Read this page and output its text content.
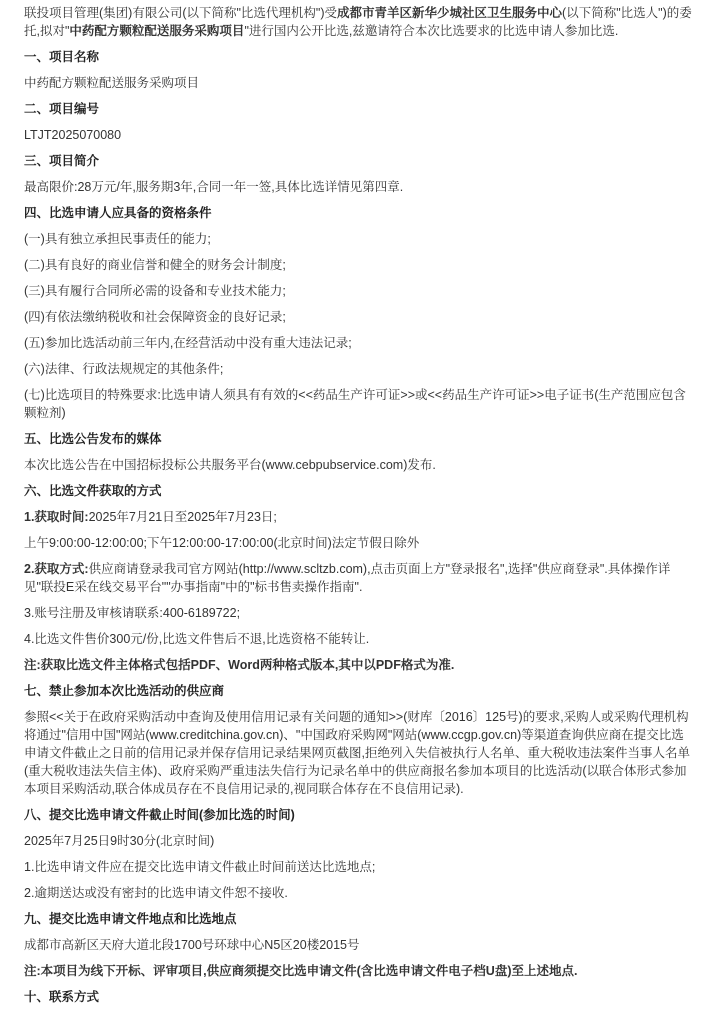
联投项目管理(集团)有限公司(以下简称"比选代理机构")受成都市青羊区新华少城社区卫生服务中心(以下简称"比选人")的委托,拟对"中药配方颗粒配送服务采购项目"进行国内公开比选,兹邀请符合本次比选要求的比选申请人参加比选.

一、项目名称

中药配方颗粒配送服务采购项目

二、项目编号

LTJT2025070080

三、项目简介

最高限价:28万元/年,服务期3年,合同一年一签,具体比选详情见第四章.

四、比选申请人应具备的资格条件

(一)具有独立承担民事责任的能力;

(二)具有良好的商业信誉和健全的财务会计制度;

(三)具有履行合同所必需的设备和专业技术能力;

(四)有依法缴纳税收和社会保障资金的良好记录;

(五)参加比选活动前三年内,在经营活动中没有重大违法记录;

(六)法律、行政法规规定的其他条件;

(七)比选项目的特殊要求:比选申请人须具有有效的<<药品生产许可证>>或<<药品生产许可证>>电子证书(生产范围应包含颗粒剂)

五、比选公告发布的媒体

本次比选公告在中国招标投标公共服务平台(www.cebpubservice.com)发布.

六、比选文件获取的方式

1.获取时间:2025年7月21日至2025年7月23日;

上午9:00:00-12:00:00;下午12:00:00-17:00:00(北京时间)法定节假日除外

2.获取方式:供应商请登录我司官方网站(http://www.scltzb.com),点击页面上方"登录报名",选择"供应商登录".具体操作详见"联投E采在线交易平台""办事指南"中的"标书售卖操作指南".

3.账号注册及审核请联系:400-6189722;

4.比选文件售价300元/份,比选文件售后不退,比选资格不能转让.

注:获取比选文件主体格式包括PDF、Word两种格式版本,其中以PDF格式为准.

七、禁止参加本次比选活动的供应商

参照<<关于在政府采购活动中查询及使用信用记录有关问题的通知>>(财库〔2016〕125号)的要求,采购人或采购代理机构将通过"信用中国"网站(www.creditchina.gov.cn)、"中国政府采购网"网站(www.ccgp.gov.cn)等渠道查询供应商在提交比选申请文件截止之日前的信用记录并保存信用记录结果网页截图,拒绝列入失信被执行人名单、重大税收违法案件当事人名单(重大税收违法失信主体)、政府采购严重违法失信行为记录名单中的供应商报名参加本项目的比选活动(以联合体形式参加本项目采购活动,联合体成员存在不良信用记录的,视同联合体存在不良信用记录).

八、提交比选申请文件截止时间(参加比选的时间)

2025年7月25日9时30分(北京时间)

1.比选申请文件应在提交比选申请文件截止时间前送达比选地点;

2.逾期送达或没有密封的比选申请文件恕不接收.

九、提交比选申请文件地点和比选地点

成都市高新区天府大道北段1700号环球中心N5区20楼2015号

注:本项目为线下开标、评审项目,供应商须提交比选申请文件(含比选申请文件电子档U盘)至上述地点.

十、联系方式
